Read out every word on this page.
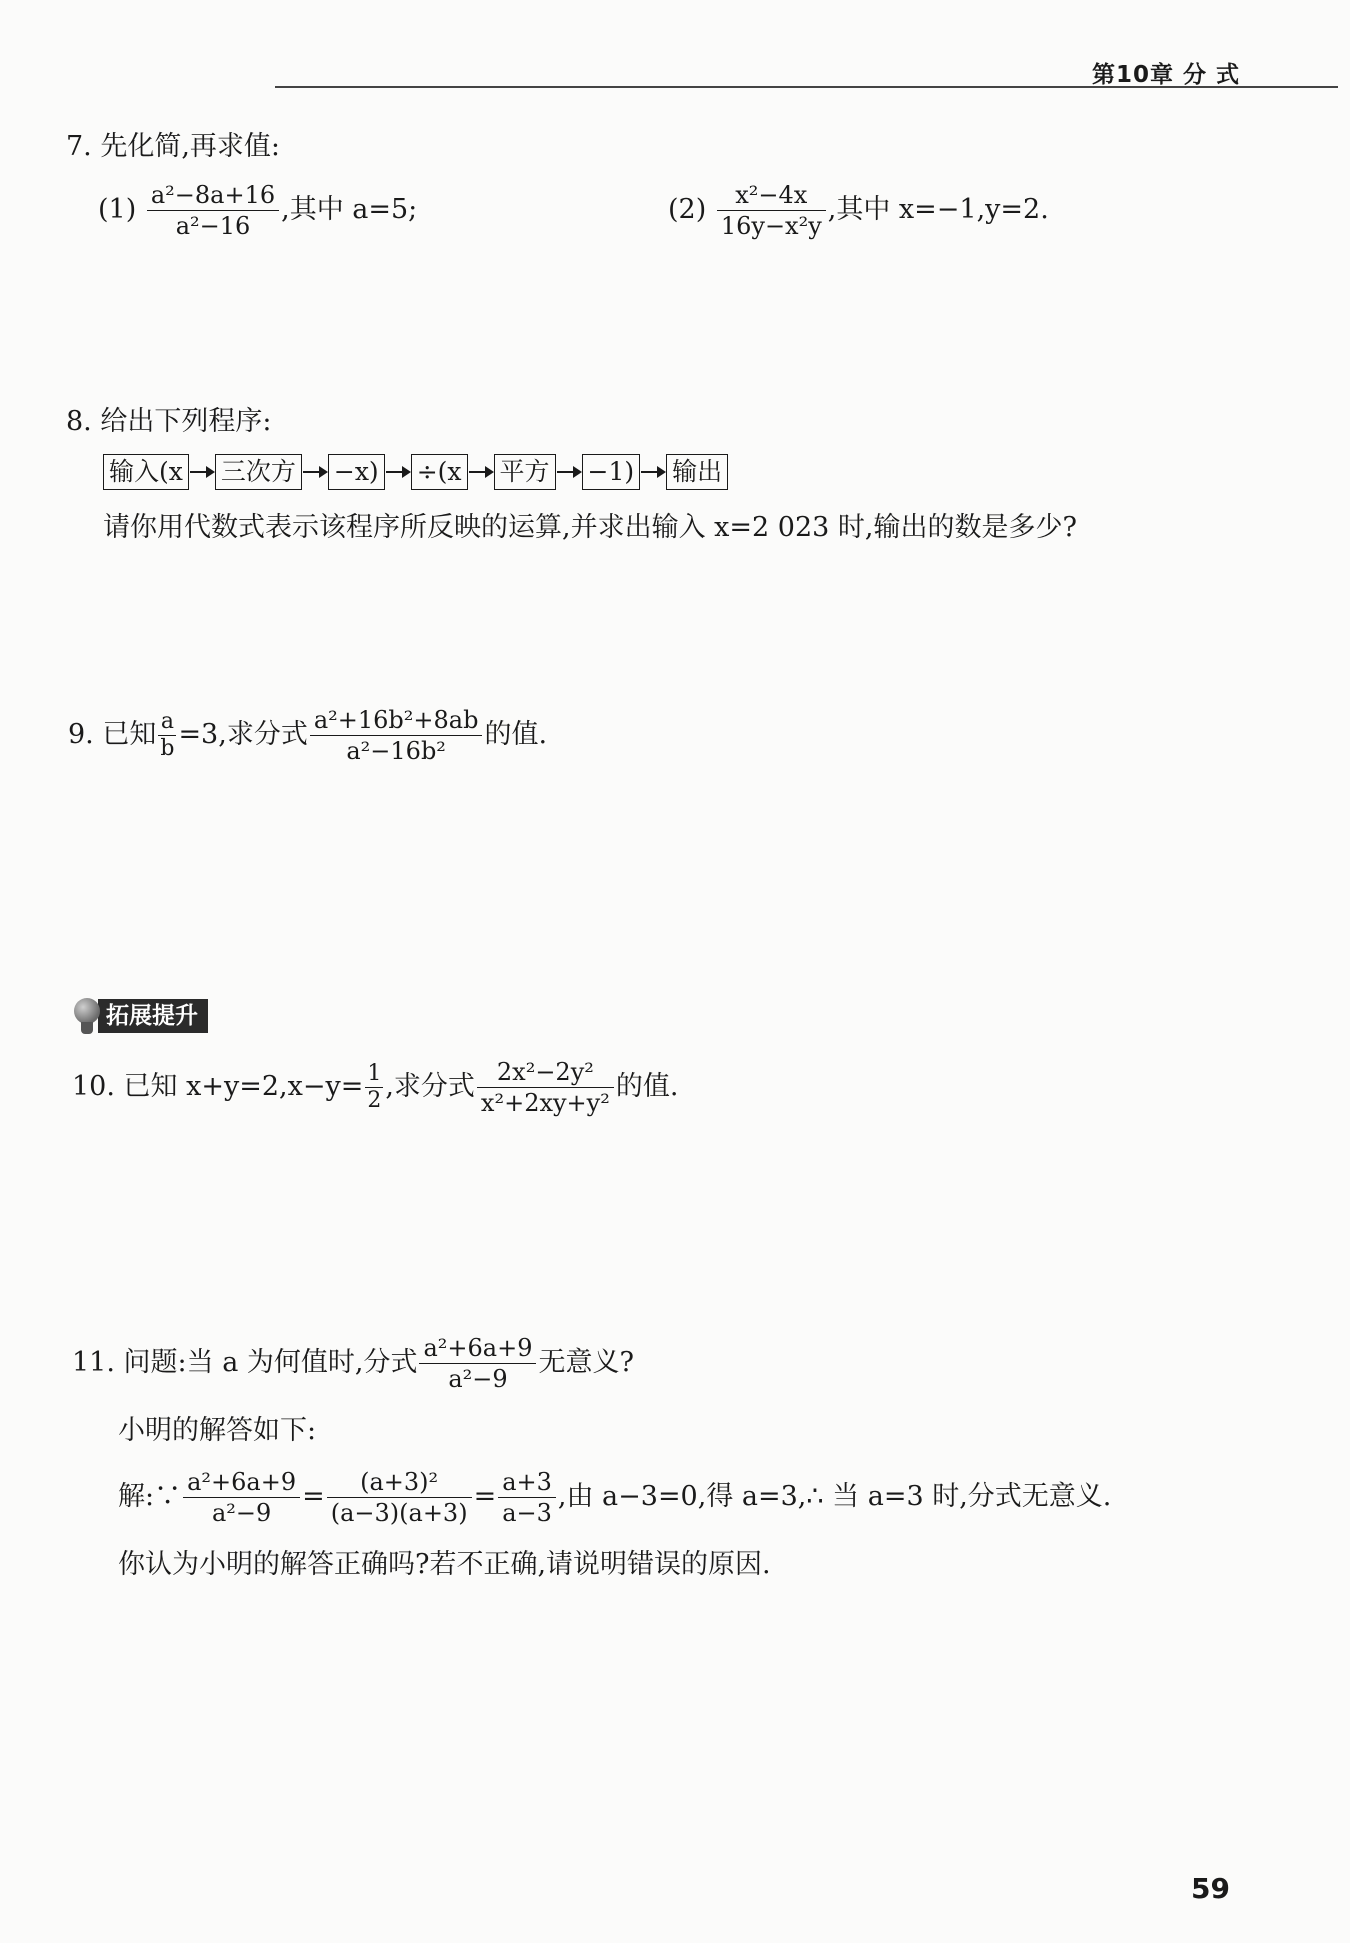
第10章 分 式
7. 先化简,再求值:
$(1) \frac{\text{a²−8a+16}}{\text{a²−16}}$ ,其中 a=5;	$(2) \frac{\text{x²−4x}}{\text{16y−x²y}}$ ,其中 x=−1,y=2.
8. 给出下列程序:
输入(x 三次方 −x) ÷(x 平方 −1) 输出
请你用代数式表示该程序所反映的运算,并求出输入 x=2 023 时,输出的数是多少?
9. 已知 $\frac{a}{b} =3$,求分式 $\frac{\text{a²+16b²+8ab}}{\text{a²−16b²}}$ 的值.
拓展提升
10. 已知 $x+y=2,x-y= \frac{1}{2}$ ,求分式 $\frac{\text{2x²−2y²}}{\text{x²+2xy+y²}}$ 的值.
11. 问题:当 a 为何值时,分式 $\frac{\text{a²+6a+9}}{\text{a²−9}}$ 无意义?
小明的解答如下:
解:∵ $\frac{\text{a²+6a+9}}{\text{a²−9}} = \frac{\text{(a+3)²}}{(a-3)(a+3)} = \frac{a+3}{a-3}$ ,由 a−3=0,得 a=3,∴ 当 a=3 时,分式无意义.
你认为小明的解答正确吗?若不正确,请说明错误的原因.
59
